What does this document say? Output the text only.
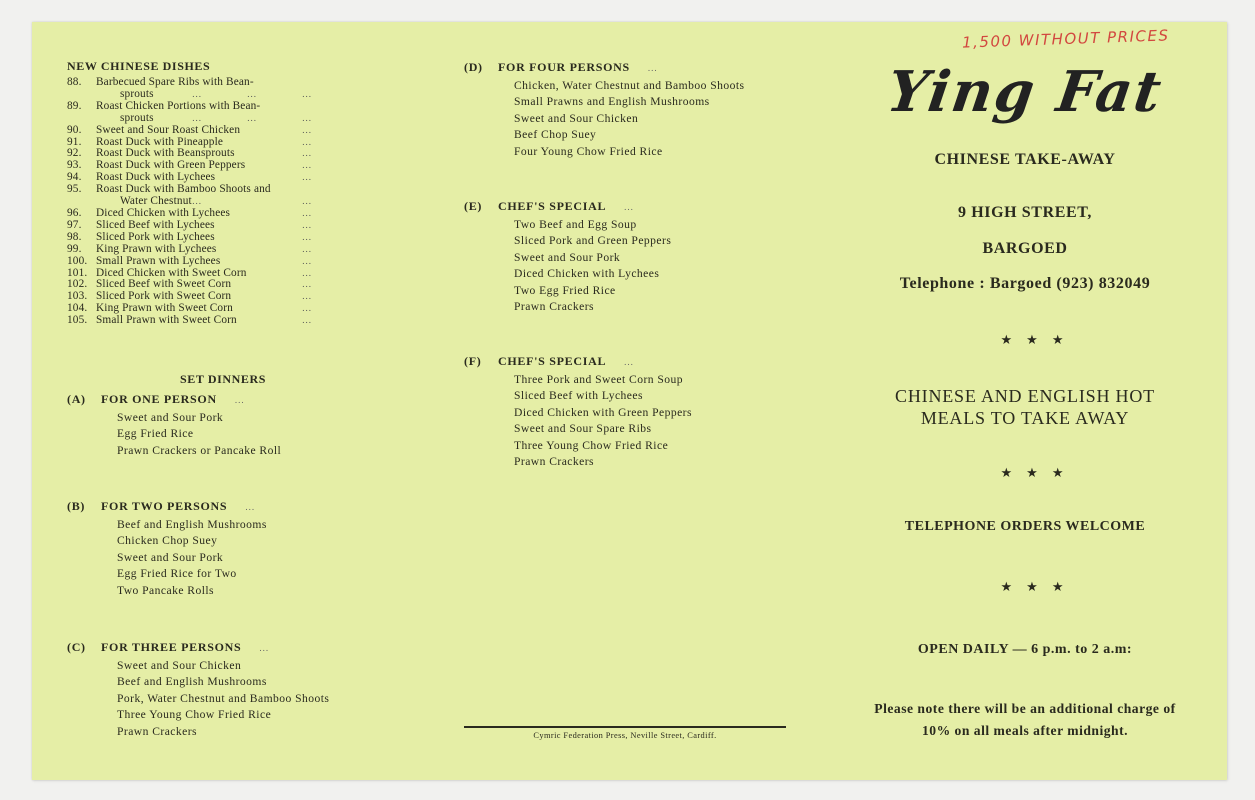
NEW CHINESE DISHES
88.	Barbecued Spare Ribs with Bean-
sprouts	...	...	...
89.	Roast Chicken Portions with Bean-
sprouts	...	...	...
90.	Sweet and Sour Roast Chicken	...
91.	Roast Duck with Pineapple	...
92.	Roast Duck with Beansprouts	...
93.	Roast Duck with Green Peppers	...
94.	Roast Duck with Lychees	...
95.	Roast Duck with Bamboo Shoots and
Water Chestnut ...	...
96.	Diced Chicken with Lychees	...
97.	Sliced Beef with Lychees	...
98.	Sliced Pork with Lychees	...
99.	King Prawn with Lychees	...
100. Small Prawn with Lychees	...
101. Diced Chicken with Sweet Corn	...
102. Sliced Beef with Sweet Corn	...
103. Sliced Pork with Sweet Corn	...
104. King Prawn with Sweet Corn	...
105. Small Prawn with Sweet Corn	...
SET DINNERS
(A) FOR ONE PERSON ...
Sweet and Sour Pork
Egg Fried Rice
Prawn Crackers or Pancake Roll
(B) FOR TWO PERSONS ...
Beef and English Mushrooms
Chicken Chop Suey
Sweet and Sour Pork
Egg Fried Rice for Two
Two Pancake Rolls
(C) FOR THREE PERSONS ...
Sweet and Sour Chicken
Beef and English Mushrooms
Pork, Water Chestnut and Bamboo Shoots
Three Young Chow Fried Rice
Prawn Crackers
(D) FOR FOUR PERSONS ...
Chicken, Water Chestnut and Bamboo Shoots
Small Prawns and English Mushrooms
Sweet and Sour Chicken
Beef Chop Suey
Four Young Chow Fried Rice
(E) CHEF'S SPECIAL ...
Two Beef and Egg Soup
Sliced Pork and Green Peppers
Sweet and Sour Pork
Diced Chicken with Lychees
Two Egg Fried Rice
Prawn Crackers
(F) CHEF'S SPECIAL ...
Three Pork and Sweet Corn Soup
Sliced Beef with Lychees
Diced Chicken with Green Peppers
Sweet and Sour Spare Ribs
Three Young Chow Fried Rice
Prawn Crackers
Cymric Federation Press, Neville Street, Cardiff.
1,500 WITHOUT PRICES
Ying Fat
CHINESE TAKE-AWAY
9 HIGH STREET,
BARGOED
Telephone : Bargoed (923) 832049
★★★
CHINESE AND ENGLISH HOT
MEALS TO TAKE AWAY
★★★
TELEPHONE ORDERS WELCOME
★★★
OPEN DAILY — 6 p.m. to 2 a.m:
Please note there will be an additional charge of
10% on all meals after midnight.
